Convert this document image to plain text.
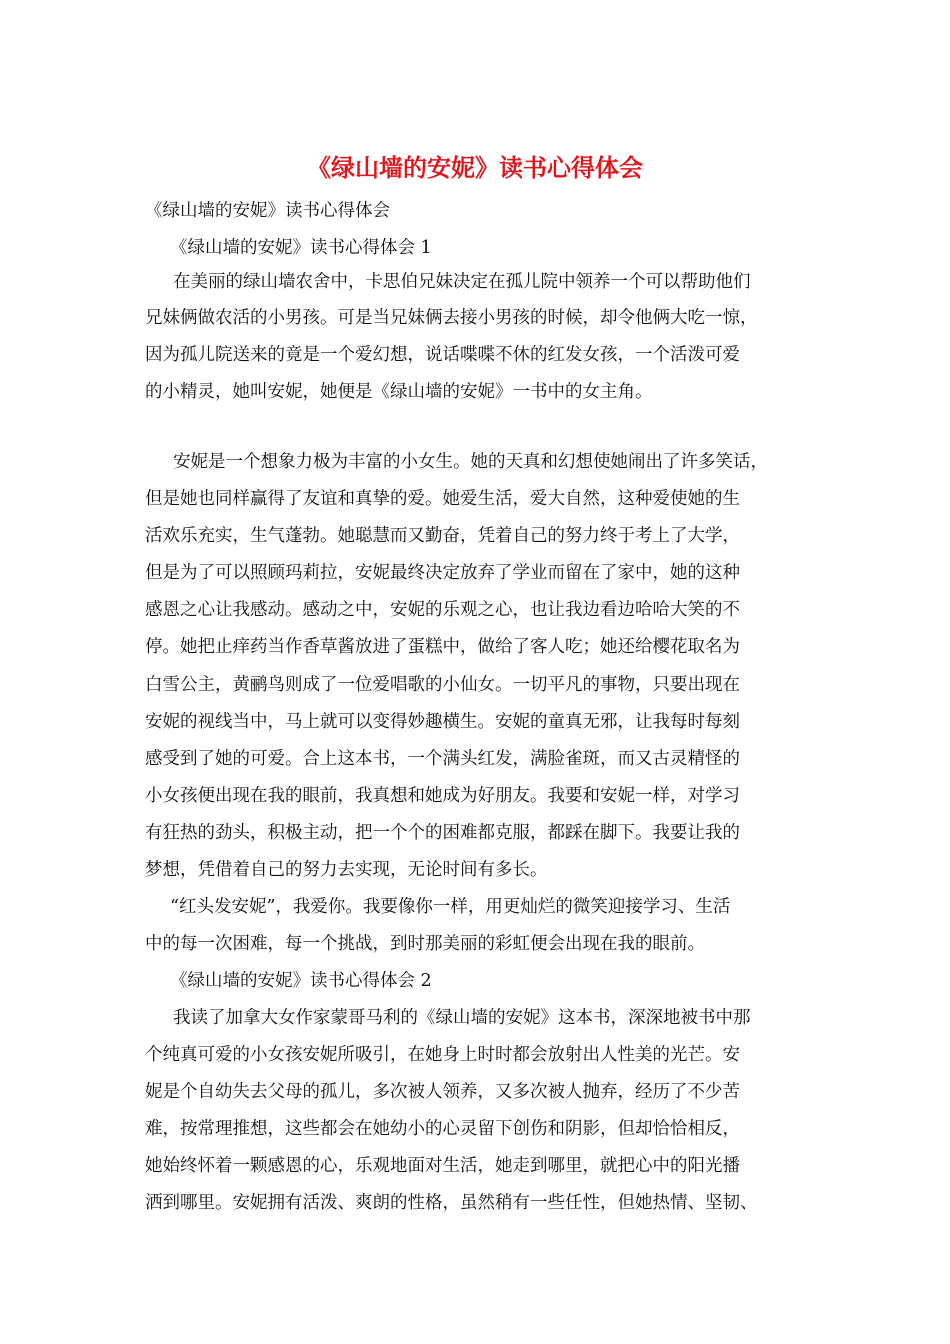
《绿山墙的安妮》读书心得体会
《绿山墙的安妮》读书心得体会
《绿山墙的安妮》读书心得体会 1
在美丽的绿山墙农舍中，卡思伯兄妹决定在孤儿院中领养一个可以帮助他们
兄妹俩做农活的小男孩。可是当兄妹俩去接小男孩的时候，却令他俩大吃一惊，
因为孤儿院送来的竟是一个爱幻想，说话喋喋不休的红发女孩，一个活泼可爱
的小精灵，她叫安妮，她便是《绿山墙的安妮》一书中的女主角。
安妮是一个想象力极为丰富的小女生。她的天真和幻想使她闹出了许多笑话，
但是她也同样赢得了友谊和真挚的爱。她爱生活，爱大自然，这种爱使她的生
活欢乐充实，生气蓬勃。她聪慧而又勤奋，凭着自己的努力终于考上了大学，
但是为了可以照顾玛莉拉，安妮最终决定放弃了学业而留在了家中，她的这种
感恩之心让我感动。感动之中，安妮的乐观之心，也让我边看边哈哈大笑的不
停。她把止痒药当作香草酱放进了蛋糕中，做给了客人吃；她还给樱花取名为
白雪公主，黄鹂鸟则成了一位爱唱歌的小仙女。一切平凡的事物，只要出现在
安妮的视线当中，马上就可以变得妙趣横生。安妮的童真无邪，让我每时每刻
感受到了她的可爱。合上这本书，一个满头红发，满脸雀斑，而又古灵精怪的
小女孩便出现在我的眼前，我真想和她成为好朋友。我要和安妮一样，对学习
有狂热的劲头，积极主动，把一个个的困难都克服，都踩在脚下。我要让我的
梦想，凭借着自己的努力去实现，无论时间有多长。
“红头发安妮”，我爱你。我要像你一样，用更灿烂的微笑迎接学习、生活
中的每一次困难，每一个挑战，到时那美丽的彩虹便会出现在我的眼前。
《绿山墙的安妮》读书心得体会 2
我读了加拿大女作家蒙哥马利的《绿山墙的安妮》这本书，深深地被书中那
个纯真可爱的小女孩安妮所吸引，在她身上时时都会放射出人性美的光芒。安
妮是个自幼失去父母的孤儿，多次被人领养，又多次被人抛弃，经历了不少苦
难，按常理推想，这些都会在她幼小的心灵留下创伤和阴影，但却恰恰相反，
她始终怀着一颗感恩的心，乐观地面对生活，她走到哪里，就把心中的阳光播
洒到哪里。安妮拥有活泼、爽朗的性格，虽然稍有一些任性，但她热情、坚韧、
